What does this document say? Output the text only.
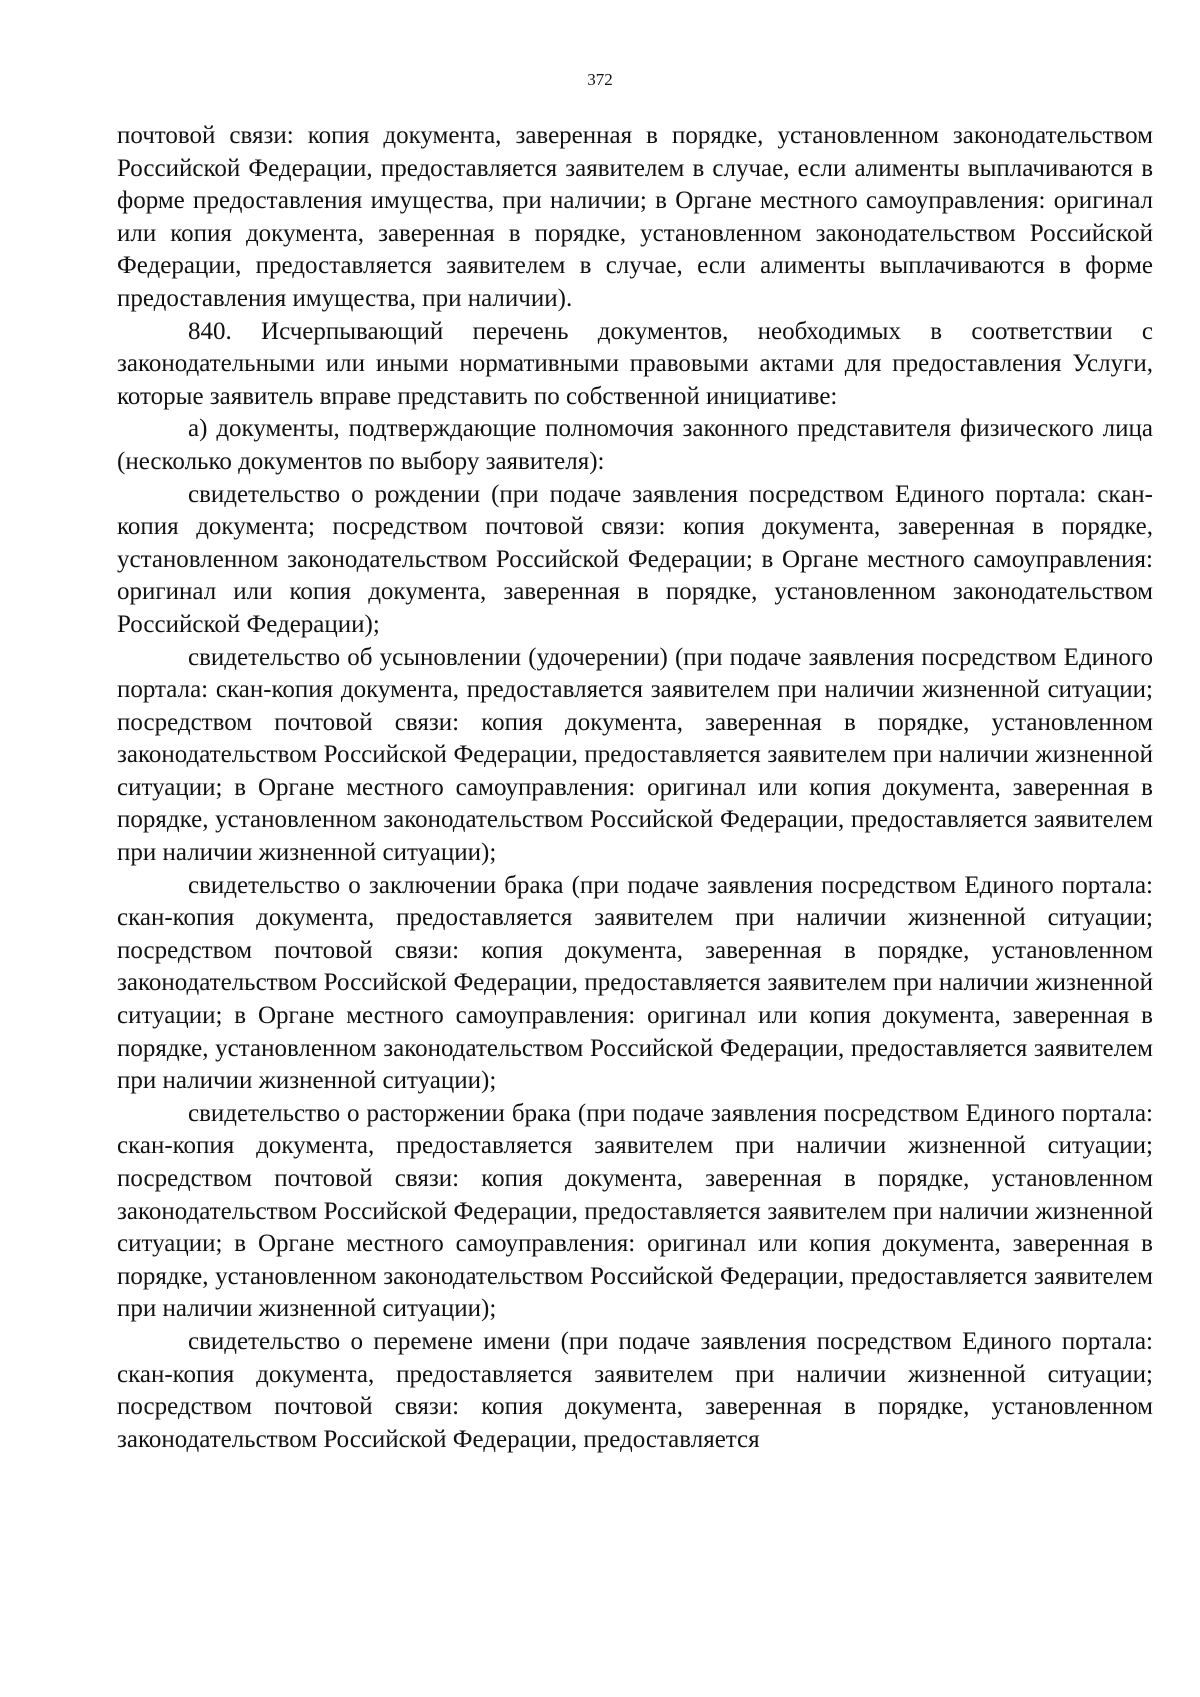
372

почтовой связи: копия документа, заверенная в порядке, установленном законодательством Российской Федерации, предоставляется заявителем в случае, если алименты выплачиваются в форме предоставления имущества, при наличии; в Органе местного самоуправления: оригинал или копия документа, заверенная в порядке, установленном законодательством Российской Федерации, предоставляется заявителем в случае, если алименты выплачиваются в форме предоставления имущества, при наличии).

840. Исчерпывающий перечень документов, необходимых в соответствии с законодательными или иными нормативными правовыми актами для предоставления Услуги, которые заявитель вправе представить по собственной инициативе:

а) документы, подтверждающие полномочия законного представителя физического лица (несколько документов по выбору заявителя):

свидетельство о рождении (при подаче заявления посредством Единого портала: скан-копия документа; посредством почтовой связи: копия документа, заверенная в порядке, установленном законодательством Российской Федерации; в Органе местного самоуправления: оригинал или копия документа, заверенная в порядке, установленном законодательством Российской Федерации);

свидетельство об усыновлении (удочерении) (при подаче заявления посредством Единого портала: скан-копия документа, предоставляется заявителем при наличии жизненной ситуации; посредством почтовой связи: копия документа, заверенная в порядке, установленном законодательством Российской Федерации, предоставляется заявителем при наличии жизненной ситуации; в Органе местного самоуправления: оригинал или копия документа, заверенная в порядке, установленном законодательством Российской Федерации, предоставляется заявителем при наличии жизненной ситуации);

свидетельство о заключении брака (при подаче заявления посредством Единого портала: скан-копия документа, предоставляется заявителем при наличии жизненной ситуации; посредством почтовой связи: копия документа, заверенная в порядке, установленном законодательством Российской Федерации, предоставляется заявителем при наличии жизненной ситуации; в Органе местного самоуправления: оригинал или копия документа, заверенная в порядке, установленном законодательством Российской Федерации, предоставляется заявителем при наличии жизненной ситуации);

свидетельство о расторжении брака (при подаче заявления посредством Единого портала: скан-копия документа, предоставляется заявителем при наличии жизненной ситуации; посредством почтовой связи: копия документа, заверенная в порядке, установленном законодательством Российской Федерации, предоставляется заявителем при наличии жизненной ситуации; в Органе местного самоуправления: оригинал или копия документа, заверенная в порядке, установленном законодательством Российской Федерации, предоставляется заявителем при наличии жизненной ситуации);

свидетельство о перемене имени (при подаче заявления посредством Единого портала: скан-копия документа, предоставляется заявителем при наличии жизненной ситуации; посредством почтовой связи: копия документа, заверенная в порядке, установленном законодательством Российской Федерации, предоставляется
